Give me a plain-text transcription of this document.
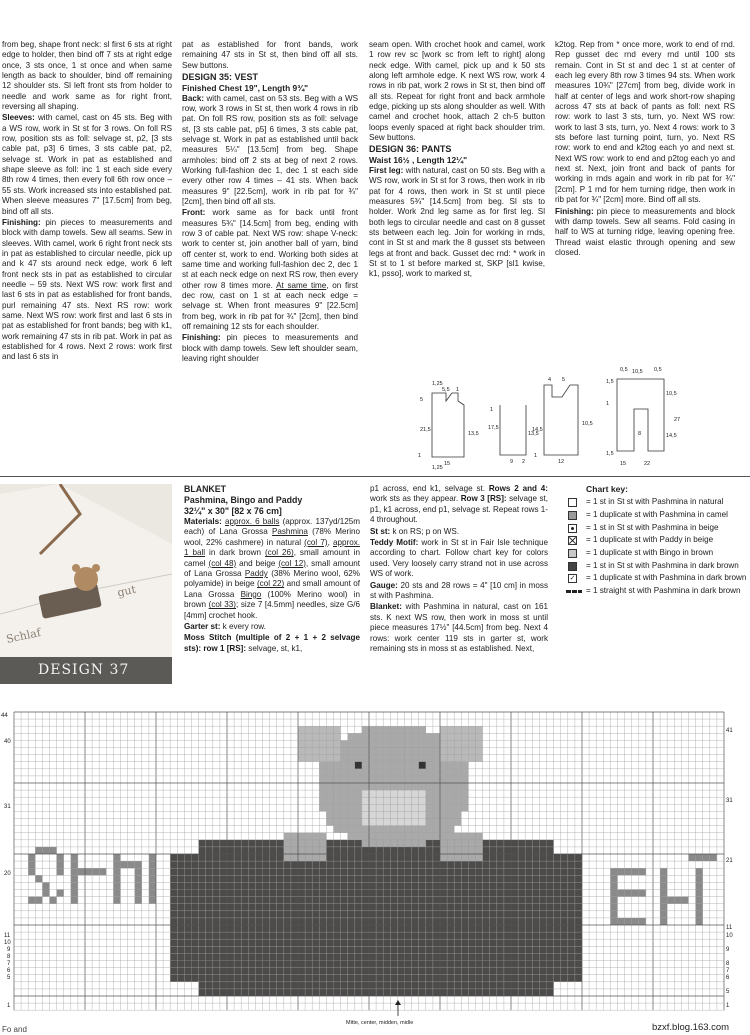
from beg, shape front neck: sl first 6 sts at right edge to holder, then bind off 7 sts at right edge once, 3 sts once, 1 st once and when same length as back to shoulder, bind off remaining 12 shoulder sts. Sl left front sts from holder to needle and work same as for right front, reversing all shaping.

Sleeves: with camel, cast on 45 sts. Beg with a WS row, work in St st for 3 rows. On foll RS row, position sts as foll: selvage st, p2, [3 sts cable pat, p3] 6 times, 3 sts cable pat, p2, selvage st. Work in pat as established and shape sleeve as foll: inc 1 st each side every 8th row 4 times, then every foll 6th row once – 55 sts. Work increased sts into established pat. When sleeve measures 7" [17.5cm] from beg, bind off all sts.

Finishing: pin pieces to measurements and block with damp towels. Sew all seams. Sew in sleeves. With camel, work 6 right front neck sts in pat as established to circular needle, pick up and k 47 sts around neck edge, work 6 left front neck sts in pat as established to circular needle – 59 sts. Next WS row: work first and last 6 sts in pat as established for front bands, purl remaining 47 sts. Next RS row: work same. Next WS row: work first and last 6 sts in pat as established for front bands; beg with k1, work remaining 47 sts in rib pat. Work in pat as established for 4 rows. Next 2 rows: work first and last 6 sts in

pat as established for front bands, work remaining 47 sts in St st, then bind off all sts. Sew buttons.

DESIGN 35: VEST
Finished Chest 19", Length 9¾"

Back: with camel, cast on 53 sts. Beg with a WS row, work 3 rows in St st, then work 4 rows in rib pat. On foll RS row, position sts as foll: selvage st, [3 sts cable pat, p5] 6 times, 3 sts cable pat, selvage st. Work in pat as established until back measures 5¼" [13.5cm] from beg. Shape armholes: bind off 2 sts at beg of next 2 rows. Working full-fashion dec 1, dec 1 st each side every other row 4 times – 41 sts. When back measures 9" [22.5cm], work in rib pat for ¾" [2cm], then bind off all sts.

Front: work same as for back until front measures 5¾" [14.5cm] from beg, ending with row 3 of cable pat. Next WS row: shape V-neck: work to center st, join another ball of yarn, bind off center st, work to end. Working both sides at same time and working full-fashion dec 2, dec 1 st at each neck edge on next RS row, then every other row 8 times more. At same time, on first dec row, cast on 1 st at each neck edge = selvage st. When front measures 9" [22.5cm] from beg, work in rib pat for ¾" [2cm], then bind off remaining 12 sts for each shoulder.

Finishing: pin pieces to measurements and block with damp towels. Sew left shoulder seam, leaving right shoulder

seam open. With crochet hook and camel, work 1 row rev sc [work sc from left to right] along neck edge. With camel, pick up and k 50 sts along left armhole edge. K next WS row, work 4 rows in rib pat, work 2 rows in St st, then bind off all sts. Repeat for right front and back armhole edge, picking up sts along shoulder as well. With camel and crochet hook, attach 2 ch-5 button loops evenly spaced at right back shoulder trim. Sew buttons.

DESIGN 36: PANTS
Waist 16½ , Length 12¼"

First leg: with natural, cast on 50 sts. Beg with a WS row, work in St st for 3 rows, then work in rib pat for 4 rows, then work in St st until piece measures 5¾" [14.5cm] from beg. Sl sts to holder. Work 2nd leg same as for first leg. Sl both legs to circular needle and cast on 8 gusset sts between each leg. Join for working in rnds, cont in St st and mark the 8 gusset sts between legs at front and back. Gusset dec rnd: * work in St st to 1 st before marked st, SKP [sl1 kwise, k1, psso], work to marked st,

k2tog. Rep from * once more, work to end of rnd. Rep gusset dec rnd every rnd until 100 sts remain. Cont in St st and dec 1 st at center of each leg every 8th row 3 times 94 sts. When work measures 10¾" [27cm] from beg, divide work in half at center of legs and work short-row shaping across 47 sts at back of pants as foll: next RS row: work to last 3 sts, turn, yo. Next WS row: work to last 3 sts, turn, yo. Next 4 rows: work to 3 sts before last turning point, turn, yo. Next RS row: work to end and k2tog each yo and next st. Next WS row: work to end and p2tog each yo and next st. Next, join front and back of pants for working in rnds again and work in rib pat for ¾" [2cm]. P 1 rnd for hem turning ridge, then work in rib pat for ¾" [2cm] more. Bind off all sts.

Finishing: pin piece to measurements and block with damp towels. Sew all seams. Fold casing in half to WS at turning ridge, leaving opening free. Thread waist elastic through opening and sew closed.

1,25
5,5 1
5
21,5
13,5
15
1
1,25
1
17,5
13,5
9 2
4 5
14,5
10,5
12
1
0,5 10,5 0,5
1,5
10,5
1,5
15	22
27
1
14,5
8
Schlaf
gut
DESIGN 37
BLANKET
Pashmina, Bingo and Paddy
32¼" x 30" [82 x 76 cm]

Materials: approx. 6 balls (approx. 137yd/125m each) of Lana Grossa Pashmina (78% Merino wool, 22% cashmere) in natural (col 7), approx. 1 ball in dark brown (col 26), small amount in camel (col 48) and beige (col 12), small amount of Lana Grossa Paddy (38% Merino wool, 62% polyamide) in beige (col 22) and small amount of Lana Grossa Bingo (100% Merino wool) in brown (col 33); size 7 [4.5mm] needles, size G/6 [4mm] crochet hook.

Garter st: k every row.

Moss Stitch (multiple of 2 + 1 + 2 selvage sts): row 1 [RS]: selvage, st, k1,

p1 across, end k1, selvage st. Rows 2 and 4: work sts as they appear. Row 3 [RS]: selvage st, p1, k1 across, end p1, selvage st. Repeat rows 1-4 throughout.

St st: k on RS; p on WS.

Teddy Motif: work in St st in Fair Isle technique according to chart. Follow chart key for colors used. Very loosely carry strand not in use across WS of work.

Gauge: 20 sts and 28 rows = 4" [10 cm] in moss st with Pashmina.

Blanket: with Pashmina in natural, cast on 161 sts. K next WS row, then work in moss st until piece measures 17½" [44.5cm] from beg. Next 4 rows: work center 119 sts in garter st, work remaining sts in moss st as established. Next,

Chart key:
= 1 st in St st with Pashmina in natural
= 1 duplicate st with Pashmina in camel
= 1 st in St st with Pashmina in beige
= 1 duplicate st with Paddy in beige
= 1 duplicate st with Bingo in brown
= 1 st in St st with Pashmina in dark brown
✓ = 1 duplicate st with Pashmina in dark brown
= 1 straight st with Pashmina in dark brown
44
40
31
20
11
10
9
8
7
6
5
1
41
31
21
11
10
9
8
7
6
5
1
Mitte, center, midden, midle
Fo and	bzxf.blog.163.com
